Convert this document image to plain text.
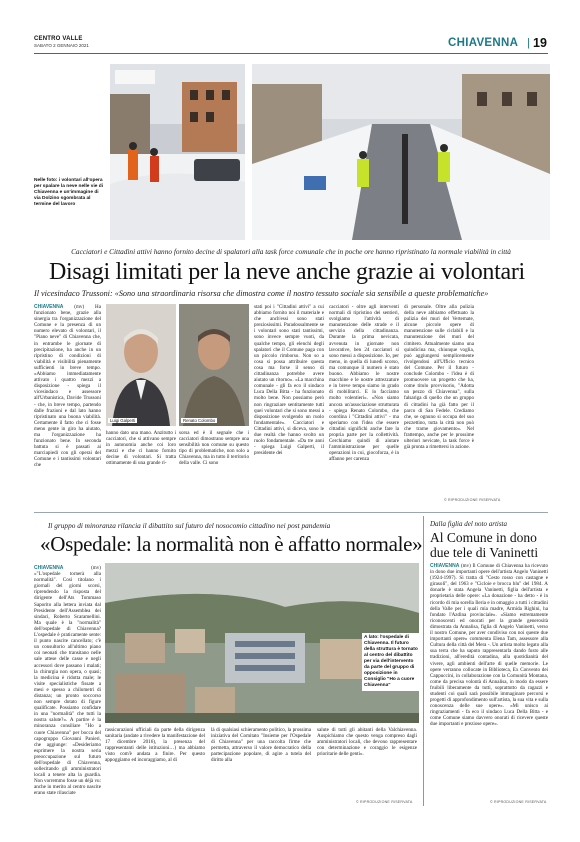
CENTRO VALLE
SABATO 2 GENNAIO 2021	CHIAVENNA | 19
Nelle foto: i volontari all'opera per spalare la neve nelle vie di Chiavenna e un'immagine di via Dolzino sgombrata al termine del lavoro
Cacciatori e Cittadini attivi hanno fornito decine di spalatori alla task force comunale che in poche ore hanno ripristinato la normale viabilità in città
Disagi limitati per la neve anche grazie ai volontari
Il vicesindaco Trussoni: «Sono una straordinaria risorsa che dimostra come il nostro tessuto sociale sia sensibile a queste problematiche»
CHIAVENNA (mv) Ha funzionato bene, grazie alla sinergia tra l'organizzazione del Comune e la presenza di un numero elevato di volontari, il "Piano neve" di Chiavenna che, in entrambe le giornate di precipitazione, ha anche in un ripristino di condizioni di viabilità e visibilità pienamente sufficienti in breve tempo. «Abbiamo immediatamente attivato i quattro mezzi a disposizione - spiega il vicesindaco e assessore all'Urbanistica, Davide Trussoni - che, in breve tempo, partendo dalle frazioni e dal lato hanno ripristinato una buona viabilità. Certamente il fatto che ci fosse meno gente in giro ha aiutato, ma l'organizzazione ha funzionato bene. In seconda battuta si è passati ai marciapiedi con gli operai del Comune e i tantissimi volontari che
Luigi Galperti	Renato Colombo
hanno dato una mano. Anzitutto i cacciatori, che si attivano sempre in autonomia anche coi loro mezzi e che ci hanno fornito decine di volontari. Si tratta ottimamente di una grande ri-
sorsa ed è il segnale che i cacciatori dimostrano sempre una sensibilità non comune su questo tipo di problematiche, non solo a Chiavenna, ma in tutto il territorio della valle. Ci sono
stati poi i "Cittadini attivi" a cui abbiamo fornito noi il materiale e che anch'essi sono stati preziosissimi. Paradossalmente se i volontari sono stati tantissimi, sono invece sempre vuoti, da qualche tempo, gli elenchi degli spalatori che il Comune paga con un piccolo rimborso. Non so a cosa si possa attribuire questa cosa ma forse il senso di cittadinanza potrebbe avere aiutato un ritorno». «La macchina comunale - gli fa eco il sindaco Luca Della Bitta - ha funzionato molto bene. Non possiamo però non ringraziare sentitamente tutti quei volontari che si sono messi a disposizione svolgendo un ruolo fondamentale». Cacciatori e Cittadini attivi, si diceva, sono le due realtà che hanno svolto un ruolo fondamentale. «Da tre anni - spiega Luigi Galperti, il presidente dei
cacciatori - oltre agli interventi normali di ripristino dei sentieri, svolgiamo l'attività di manutenzione delle strade e il servizio della cittadinanza. Durante la prima nevicata, avvenuta in giornate non lavorative, ben 24 cacciatori si sono messi a disposizione. Io, per meno, in quella di lunedì scorso, ma comunque il numero è stato buono. Abbiamo le nostre macchine e le nostre attrezzature e in breve tempo siamo in grado di mobilitarci. E lo facciamo molto volentieri». «Non siamo ancora un'associazione strutturata - spiega Renato Colombo, che coordina i "Cittadini attivi" - ma speriamo con l'idea che essere cittadini significhi anche fare la propria parte per la collettività. Cerchiamo quindi di aiutare l'amministrazione per quelle operazioni in cui, giocoforza, è in affanno per carenza
di personale. Oltre alla pulizia della neve abbiamo effettuato la pulizia dei muri del Vertemate, alcune piccole opere di manutenzione sulle ciclabili e la manutenzione dei muri del cimitero. Attualmente siamo una quindicina ma, chiunque voglia, può aggiungersi semplicemente rivolgendosi all'Ufficio tecnico del Comune. Per il futuro - conclude Colombo - l'idea è di promuovere un progetto che ha, come titolo provvisorio, "Adotta un pezzo di Chiavenna", sulla falsariga di quello che un gruppo di cittadini ha già fatto per il parco di San Fedele. Crediamo che, se ognuno si occupa del suo pezzettino, tutta la città non può che trarne giovamento». Nel frattempo, anche per le prossime ulteriori nevicate, la task force è già pronta a rimettersi in azione.
© RIPRODUZIONE RISERVATA
Il gruppo di minoranza rilancia il dibattito sul futuro del nosocomio cittadino nei post pandemia
«Ospedale: la normalità non è affatto normale»
A lato: l'ospedale di Chiavenna. Il futuro della struttura è tornato al centro del dibattito per via dell'intervento da parte del gruppo di opposizione in Consiglio "Ho a cuore Chiavenna"
CHIAVENNA	(mv) «"L'ospedale tornerà alla normalità". Così titolano i giornali del giorni scorsi, riprendendo la risposta del dirigente dell'Ats Tommaso Saporito alla lettera inviata dal Presidente dell'Assemblea dei sindaci, Roberto Scaramellini. Ma quale è la "normalità" dell'ospedale di Chiavenna? L'ospedale è praticamente sente: il punto nascite cancellato; c'è un consultorio all'ultimo piano coi neonati che transitano nelle sale attese delle casse e negli accessori dove passano i malati; la chirurgia non opera, o quasi; la medicina è ridotta male; le visite specialistiche fissate a mesi e spesso a chilometri di distanza; un pronto soccorso non sempre dotato di figure qualificate. Possiamo confidare in una "normalità" che tutti la nostra salute?». A partire è la minoranza consiliare "Ho a cuore Chiavenna" per bocca del capogruppo Giovanni Panieri, che aggiunge: «Desideriamo esprimere la nostra seria preoccupazione sul futuro dell'ospedale di Chiavenna, sollecitando gli amministratori locali a tenere alta la guardia. Non vorremmo fosse un déjà vu: anche in merito al centro nascite erano state rilasciate
rassicurazioni ufficiali da parte della dirigenza sanitaria (andate a rivedere la manifestazione del 17 dicembre 2016), la presenza del rappresentanti delle istituzioni…) ma abbiamo visto com'è andata a finire. Per questo appoggiamo ed incoraggiamo, al di
là di qualsiasi schieramento politico, la prossima iniziativa del Comitato "Insieme per l'Ospedale di Chiavenna" per una raccolta firme che permetta, attraverso il valore democratico della partecipazione popolare, di agire a tutela del diritto alla
salute di tutti gli abitanti della Valchiavenna. Auspichiamo che questo venga compreso dagli amministratori locali, che devono rappresentare con determinazione e coraggio le esigenze prioritarie delle genti».
© RIPRODUZIONE RISERVATA
Dalla figlia del noto artista
Al Comune in dono due tele di Vaninetti
CHIAVENNA (mv) Il Comune di Chiavenna ha ricevuto in dono due importanti opere dell'artista Angelo Vaninetti (1924-1997). Si tratta di "Cesto rosso con castagne e girasoli", del 1963 e "Cicloie e brocca blu" del 1984. A donarle è stata Angela Vaninetti, figlia dell'artista e proprietaria delle opere: «La donazione - ha detto - è in ricordo di mia sorella Ileria e in omaggio a tutti i cittadini della Valle per i quali mia madre, Armida Righini, ha fondato l'Azdina provinciale». «Siamo estremamente riconoscenti ed onorati per la grande generosità dimostrata da Annalisa, figlia di Angelo Vaninetti, verso il nostro Comune, per aver condiviso con noi queste due importanti opere» commenta Elena Tam, assessore alla Cultura della città del Mera -. Un artista molto legato alla sua terra che ha saputo rappresentarla dando fusto alle tradizioni, all'eredità contadina, alla quotidianità del vivere, agli ambienti dell'arte di quelle memorie. Le opere verranno collocate in Biblioteca, Ex Convento dei Cappuccini, in collaborazione con la Comunità Montana, come da precisa volontà di Annalisa, in modo da essere fruibili liberamente da tutti, soprattutto da ragazzi e studenti coi quali sarà possibile immaginare percorsi e progetti di approfondimento sull'artista, la sua vita e sulla conoscenza delle sue opere». «Mi unisco ai ringraziamenti - fa eco il sindaco Luca Della Bitta - e come Comune siamo davvero onorati di ricevere queste due importanti e preziose opere».
© RIPRODUZIONE RISERVATA
